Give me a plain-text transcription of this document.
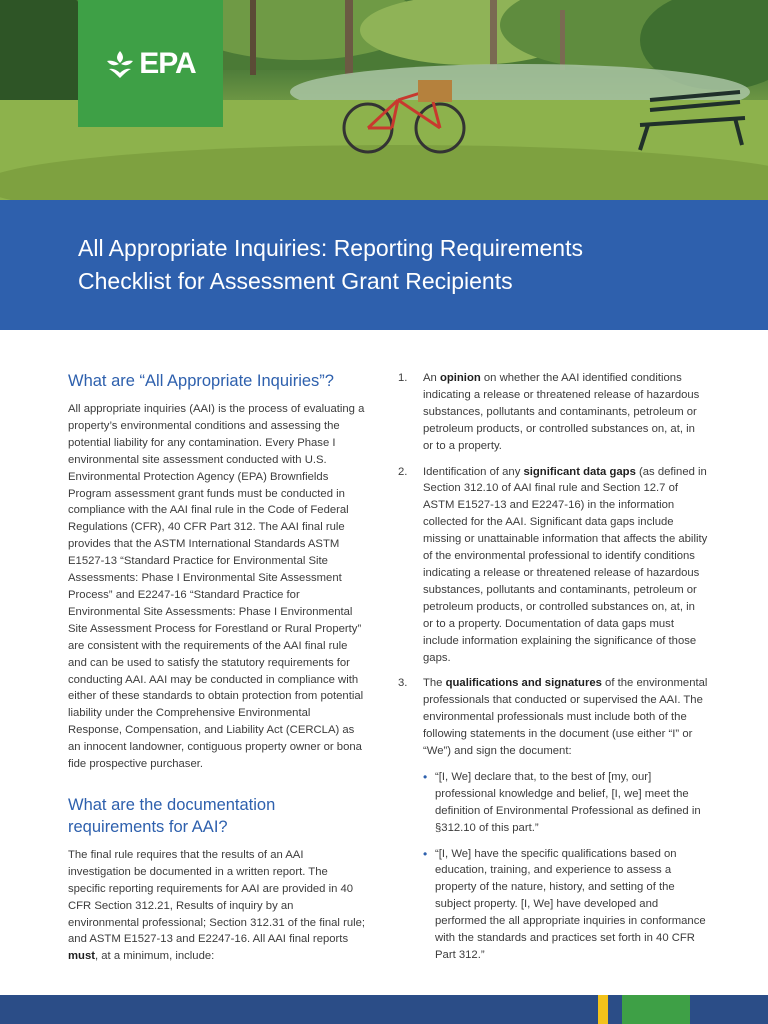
EPA
All Appropriate Inquiries: Reporting Requirements
Checklist for Assessment Grant Recipients
What are “All Appropriate Inquiries”?

All appropriate inquiries (AAI) is the process of evaluating a property’s environmental conditions and assessing the potential liability for any contamination. Every Phase I environmental site assessment conducted with U.S. Environmental Protection Agency (EPA) Brownfields Program assessment grant funds must be conducted in compliance with the AAI final rule in the Code of Federal Regulations (CFR), 40 CFR Part 312. The AAI final rule provides that the ASTM International Standards ASTM E1527-13 “Standard Practice for Environmental Site Assessments: Phase I Environmental Site Assessment Process” and E2247-16 “Standard Practice for Environmental Site Assessments: Phase I Environmental Site Assessment Process for Forestland or Rural Property” are consistent with the requirements of the AAI final rule and can be used to satisfy the statutory requirements for conducting AAI. AAI may be conducted in compliance with either of these standards to obtain protection from potential liability under the Comprehensive Environmental Response, Compensation, and Liability Act (CERCLA) as an innocent landowner, contiguous property owner or bona fide prospective purchaser.

What are the documentation
requirements for AAI?

The final rule requires that the results of an AAI investigation be documented in a written report. The specific reporting requirements for AAI are provided in 40 CFR Section 312.21, Results of inquiry by an environmental professional; Section 312.31 of the final rule; and ASTM E1527-13 and E2247-16. All AAI final reports must, at a minimum, include:

1.	An opinion on whether the AAI identified conditions indicating a release or threatened release of hazardous substances, pollutants and contaminants, petroleum or petroleum products, or controlled substances on, at, in or to a property.
2.	Identification of any significant data gaps (as defined in Section 312.10 of AAI final rule and Section 12.7 of ASTM E1527-13 and E2247-16) in the information collected for the AAI. Significant data gaps include missing or unattainable information that affects the ability of the environmental professional to identify conditions indicating a release or threatened release of hazardous substances, pollutants and contaminants, petroleum or petroleum products, or controlled substances on, at, in or to a property. Documentation of data gaps must include information explaining the significance of those gaps.
3.	The qualifications and signatures of the environmental professionals that conducted or supervised the AAI. The environmental professionals must include both of the following statements in the document (use either “I” or “We”) and sign the document:
• “[I, We] declare that, to the best of [my, our] professional knowledge and belief, [I, we] meet the definition of Environmental Professional as defined in §312.10 of this part.”
• “[I, We] have the specific qualifications based on education, training, and experience to assess a property of the nature, history, and setting of the subject property. [I, We] have developed and performed the all appropriate inquiries in conformance with the standards and practices set forth in 40 CFR Part 312.”
